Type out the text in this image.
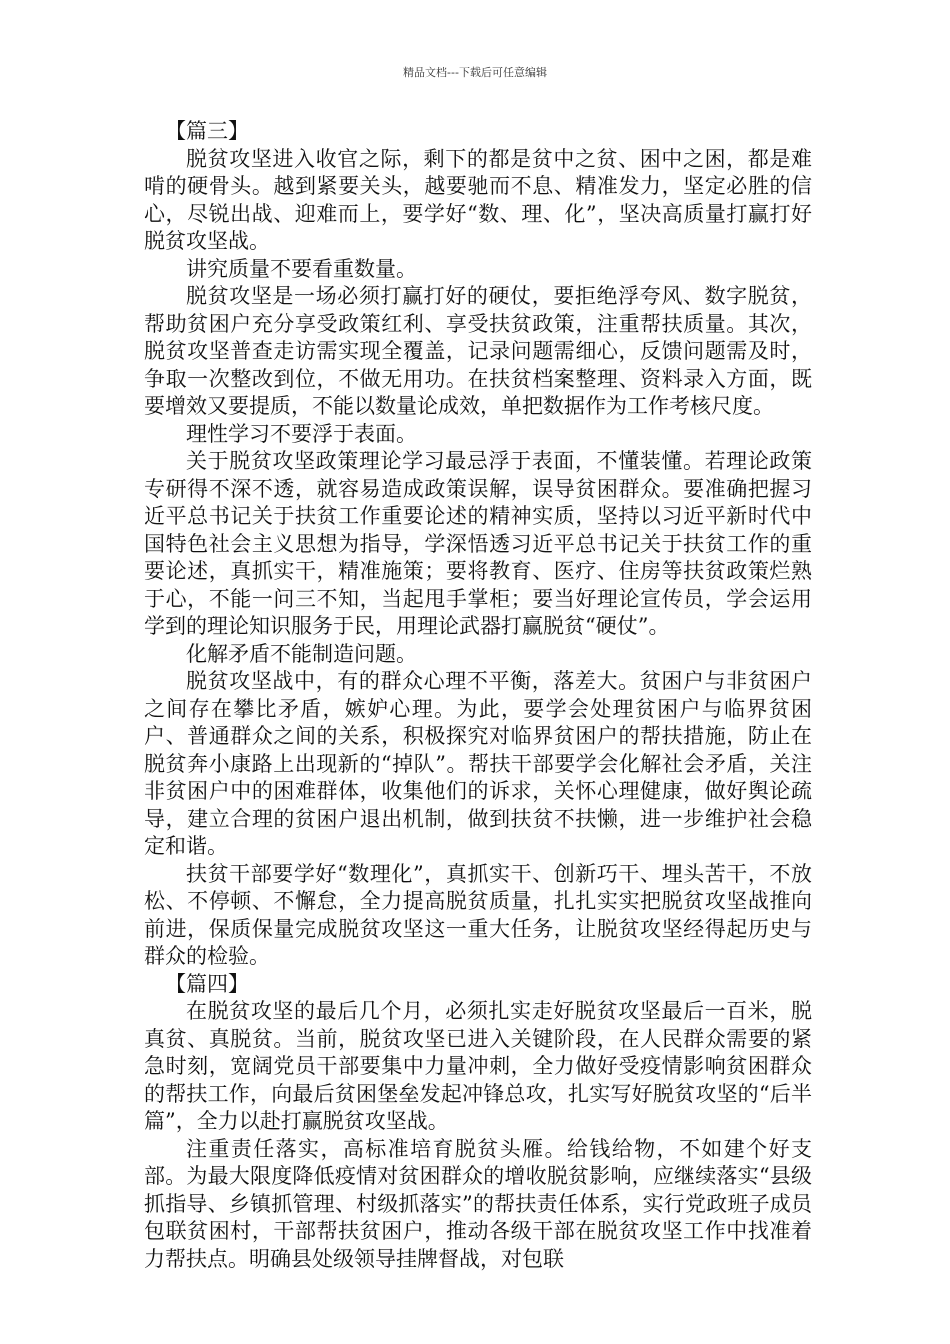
精品文档---下载后可任意编辑

【篇三】

脱贫攻坚进入收官之际，剩下的都是贫中之贫、困中之困，都是难啃的硬骨头。越到紧要关头，越要驰而不息、精准发力，坚定必胜的信心，尽锐出战、迎难而上，要学好“数、理、化”，坚决高质量打赢打好脱贫攻坚战。

讲究质量不要看重数量。

脱贫攻坚是一场必须打赢打好的硬仗，要拒绝浮夸风、数字脱贫，帮助贫困户充分享受政策红利、享受扶贫政策，注重帮扶质量。其次，脱贫攻坚普查走访需实现全覆盖，记录问题需细心，反馈问题需及时，争取一次整改到位，不做无用功。在扶贫档案整理、资料录入方面，既要增效又要提质，不能以数量论成效，单把数据作为工作考核尺度。

理性学习不要浮于表面。

关于脱贫攻坚政策理论学习最忌浮于表面，不懂装懂。若理论政策专研得不深不透，就容易造成政策误解，误导贫困群众。要准确把握习近平总书记关于扶贫工作重要论述的精神实质，坚持以习近平新时代中国特色社会主义思想为指导，学深悟透习近平总书记关于扶贫工作的重要论述，真抓实干，精准施策；要将教育、医疗、住房等扶贫政策烂熟于心，不能一问三不知，当起甩手掌柜；要当好理论宣传员，学会运用学到的理论知识服务于民，用理论武器打赢脱贫“硬仗”。

化解矛盾不能制造问题。

脱贫攻坚战中，有的群众心理不平衡，落差大。贫困户与非贫困户之间存在攀比矛盾，嫉妒心理。为此，要学会处理贫困户与临界贫困户、普通群众之间的关系，积极探究对临界贫困户的帮扶措施，防止在脱贫奔小康路上出现新的“掉队”。帮扶干部要学会化解社会矛盾，关注非贫困户中的困难群体，收集他们的诉求，关怀心理健康，做好舆论疏导，建立合理的贫困户退出机制，做到扶贫不扶懒，进一步维护社会稳定和谐。

扶贫干部要学好“数理化”，真抓实干、创新巧干、埋头苦干，不放松、不停顿、不懈怠，全力提高脱贫质量，扎扎实实把脱贫攻坚战推向前进，保质保量完成脱贫攻坚这一重大任务，让脱贫攻坚经得起历史与群众的检验。

【篇四】

在脱贫攻坚的最后几个月，必须扎实走好脱贫攻坚最后一百米，脱真贫、真脱贫。当前，脱贫攻坚已进入关键阶段，在人民群众需要的紧急时刻，宽阔党员干部要集中力量冲刺，全力做好受疫情影响贫困群众的帮扶工作，向最后贫困堡垒发起冲锋总攻，扎实写好脱贫攻坚的“后半篇”，全力以赴打赢脱贫攻坚战。

注重责任落实，高标准培育脱贫头雁。给钱给物，不如建个好支部。为最大限度降低疫情对贫困群众的增收脱贫影响，应继续落实“县级抓指导、乡镇抓管理、村级抓落实”的帮扶责任体系，实行党政班子成员包联贫困村，干部帮扶贫困户，推动各级干部在脱贫攻坚工作中找准着力帮扶点。明确县处级领导挂牌督战，对包联
